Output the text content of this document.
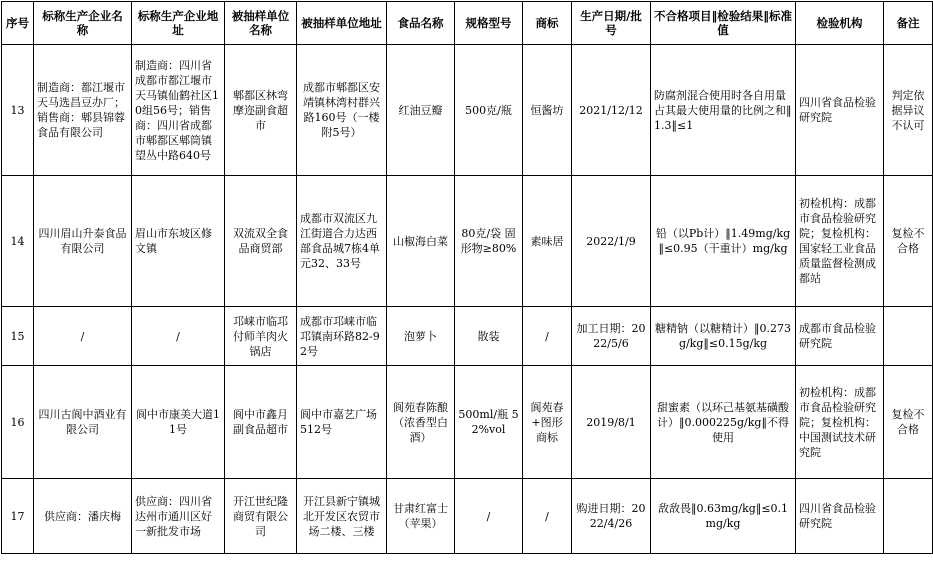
序号	标称生产企业名称	标称生产企业地址	被抽样单位名称	被抽样单位地址	食品名称	规格型号	商标	生产日期/批号	不合格项目‖检验结果‖标准值	检验机构	备注
13	制造商：都江堰市天马选昌豆办厂；销售商：郫县锦蓉食品有限公司	制造商：四川省成都市都江堰市天马镇仙鹤社区10组56号；销售商：四川省成都市郫都区郫筒镇望丛中路640号	郫都区林弯摩迩副食超市	成都市郫都区安靖镇林湾村群兴路160号（一楼附5号）	红油豆瓣	500克/瓶	恒酱坊	2021/12/12	防腐剂混合使用时各自用量占其最大使用量的比例之和‖1.3‖≤1	四川省食品检验研究院	判定依据异议不认可
14	四川眉山升泰食品有限公司	眉山市东坡区修文镇	双流双全食品商贸部	成都市双流区九江街道合力达西部食品城7栋4单元32、33号	山椒海白菜	80克/袋 固形物≥80%	素味居	2022/1/9	铅（以Pb计）‖1.49mg/kg‖≤0.95（干重计）mg/kg	初检机构：成都市食品检验研究院；复检机构：国家轻工业食品质量监督检测成都站	复检不合格
15	/	/	邛崃市临邛付师羊肉火锅店	成都市邛崃市临邛镇南环路82-92号	泡萝卜	散装	/	加工日期：2022/5/6	糖精钠（以糖精计）‖0.273g/kg‖≤0.15g/kg	成都市食品检验研究院	
16	四川古阆中酒业有限公司	阆中市康美大道11号	阆中市鑫月副食品超市	阆中市嘉艺广场512号	阆苑春陈酿（浓香型白酒）	500ml/瓶 52%vol	阆苑春+图形商标	2019/8/1	甜蜜素（以环己基氨基磺酸计）‖0.000225g/kg‖不得使用	初检机构：成都市食品检验研究院；复检机构：中国测试技术研究院	复检不合格
17	供应商：潘庆梅	供应商：四川省达州市通川区好一新批发市场	开江世纪隆商贸有限公司	开江县新宁镇城北开发区农贸市场二楼、三楼	甘肃红富士（苹果）	/	/	购进日期：2022/4/26	敌敌畏‖0.63mg/kg‖≤0.1mg/kg	四川省食品检验研究院	
